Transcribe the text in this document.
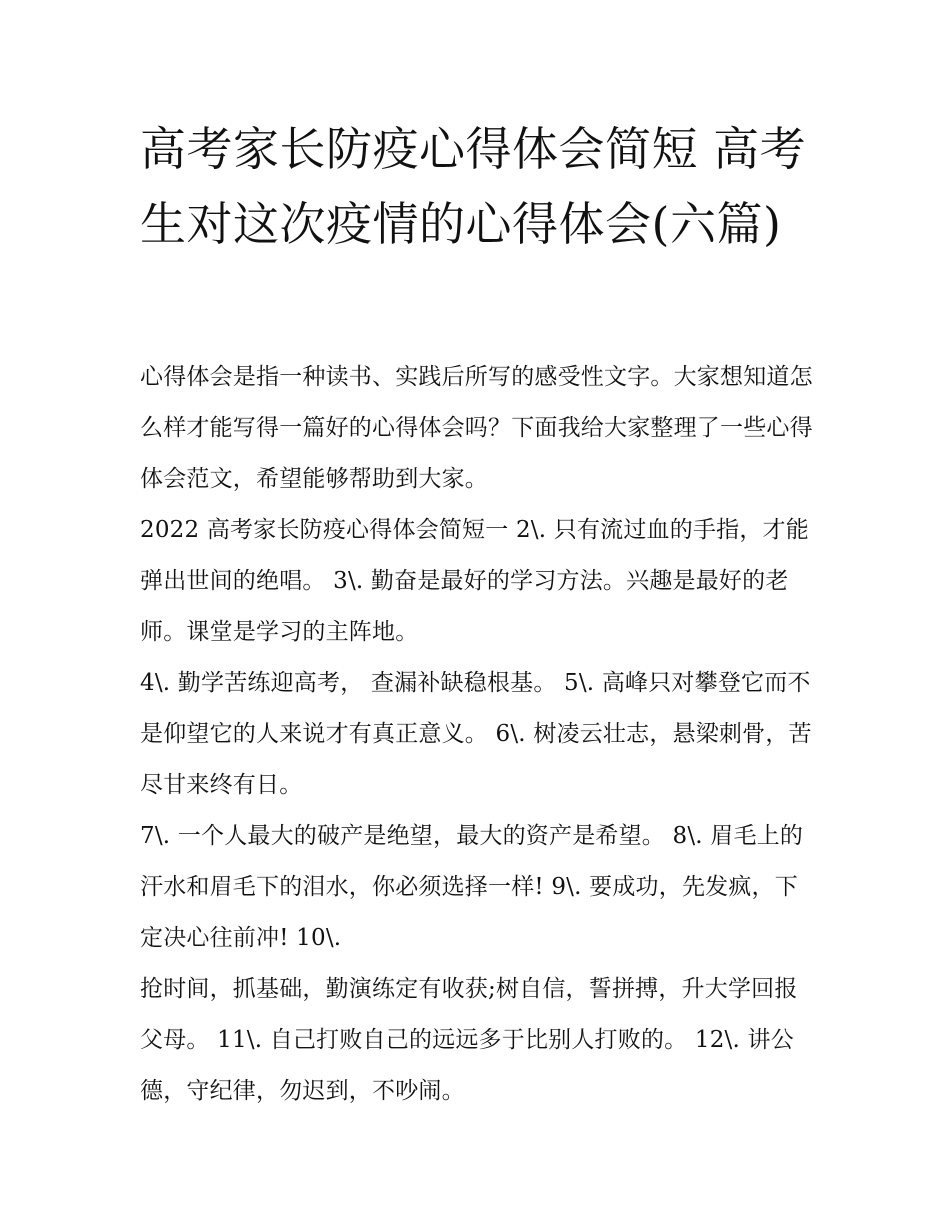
高考家长防疫心得体会简短 高考生对这次疫情的心得体会(六篇)

心得体会是指一种读书、实践后所写的感受性文字。大家想知道怎么样才能写得一篇好的心得体会吗？下面我给大家整理了一些心得体会范文，希望能够帮助到大家。

2022 高考家长防疫心得体会简短一 2\. 只有流过血的手指，才能弹出世间的绝唱。 3\. 勤奋是最好的学习方法。兴趣是最好的老师。课堂是学习的主阵地。

4\. 勤学苦练迎高考， 查漏补缺稳根基。 5\. 高峰只对攀登它而不是仰望它的人来说才有真正意义。 6\. 树凌云壮志，悬梁刺骨，苦尽甘来终有日。

7\. 一个人最大的破产是绝望，最大的资产是希望。 8\. 眉毛上的汗水和眉毛下的泪水，你必须选择一样! 9\. 要成功，先发疯，下定决心往前冲! 10\.

抢时间，抓基础，勤演练定有收获;树自信，誓拼搏，升大学回报父母。 11\. 自己打败自己的远远多于比别人打败的。 12\. 讲公德，守纪律，勿迟到，不吵闹。
